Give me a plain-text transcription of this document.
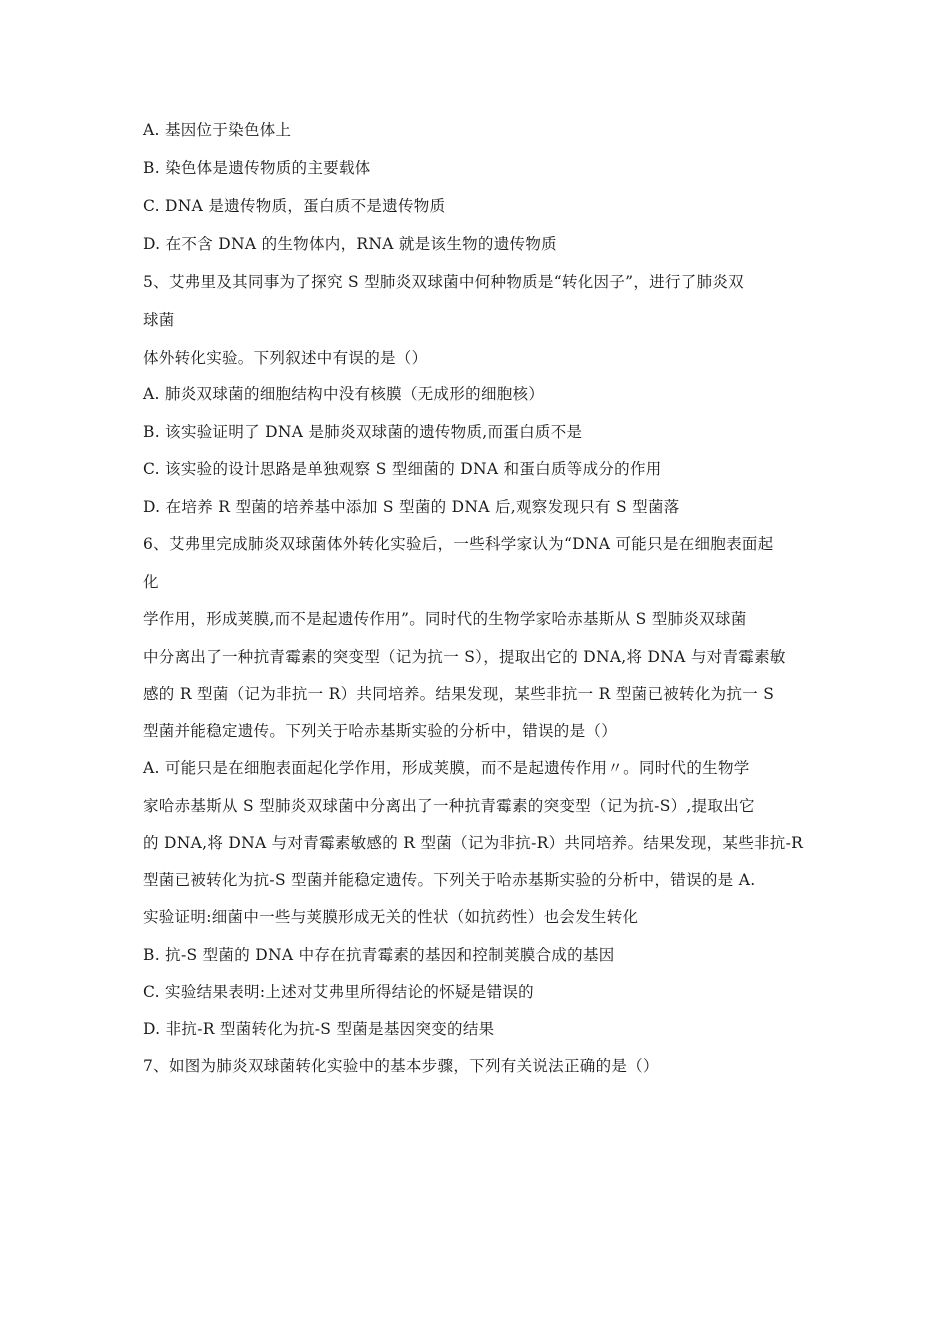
A. 基因位于染色体上
B. 染色体是遗传物质的主要载体
C. DNA 是遗传物质，蛋白质不是遗传物质
D. 在不含 DNA 的生物体内，RNA 就是该生物的遗传物质
5、艾弗里及其同事为了探究 S 型肺炎双球菌中何种物质是“转化因子”，进行了肺炎双
球菌
体外转化实验。下列叙述中有误的是（）
A. 肺炎双球菌的细胞结构中没有核膜（无成形的细胞核）
B. 该实验证明了 DNA 是肺炎双球菌的遗传物质,而蛋白质不是
C. 该实验的设计思路是单独观察 S 型细菌的 DNA 和蛋白质等成分的作用
D. 在培养 R 型菌的培养基中添加 S 型菌的 DNA 后,观察发现只有 S 型菌落
6、艾弗里完成肺炎双球菌体外转化实验后，一些科学家认为“DNA 可能只是在细胞表面起
化
学作用，形成荚膜,而不是起遗传作用”。同时代的生物学家哈赤基斯从 S 型肺炎双球菌
中分离出了一种抗青霉素的突变型（记为抗一 S），提取出它的 DNA,将 DNA 与对青霉素敏
感的 R 型菌（记为非抗一 R）共同培养。结果发现，某些非抗一 R 型菌已被转化为抗一 S
型菌并能稳定遗传。下列关于哈赤基斯实验的分析中，错误的是（）
A. 可能只是在细胞表面起化学作用，形成荚膜，而不是起遗传作用〃。同时代的生物学
家哈赤基斯从 S 型肺炎双球菌中分离出了一种抗青霉素的突变型（记为抗-S）,提取出它
的 DNA,将 DNA 与对青霉素敏感的 R 型菌（记为非抗-R）共同培养。结果发现，某些非抗-R
型菌已被转化为抗-S 型菌并能稳定遗传。下列关于哈赤基斯实验的分析中，错误的是 A.
实验证明:细菌中一些与荚膜形成无关的性状（如抗药性）也会发生转化
B. 抗-S 型菌的 DNA 中存在抗青霉素的基因和控制荚膜合成的基因
C. 实验结果表明:上述对艾弗里所得结论的怀疑是错误的
D. 非抗-R 型菌转化为抗-S 型菌是基因突变的结果
7、如图为肺炎双球菌转化实验中的基本步骤，下列有关说法正确的是（）
